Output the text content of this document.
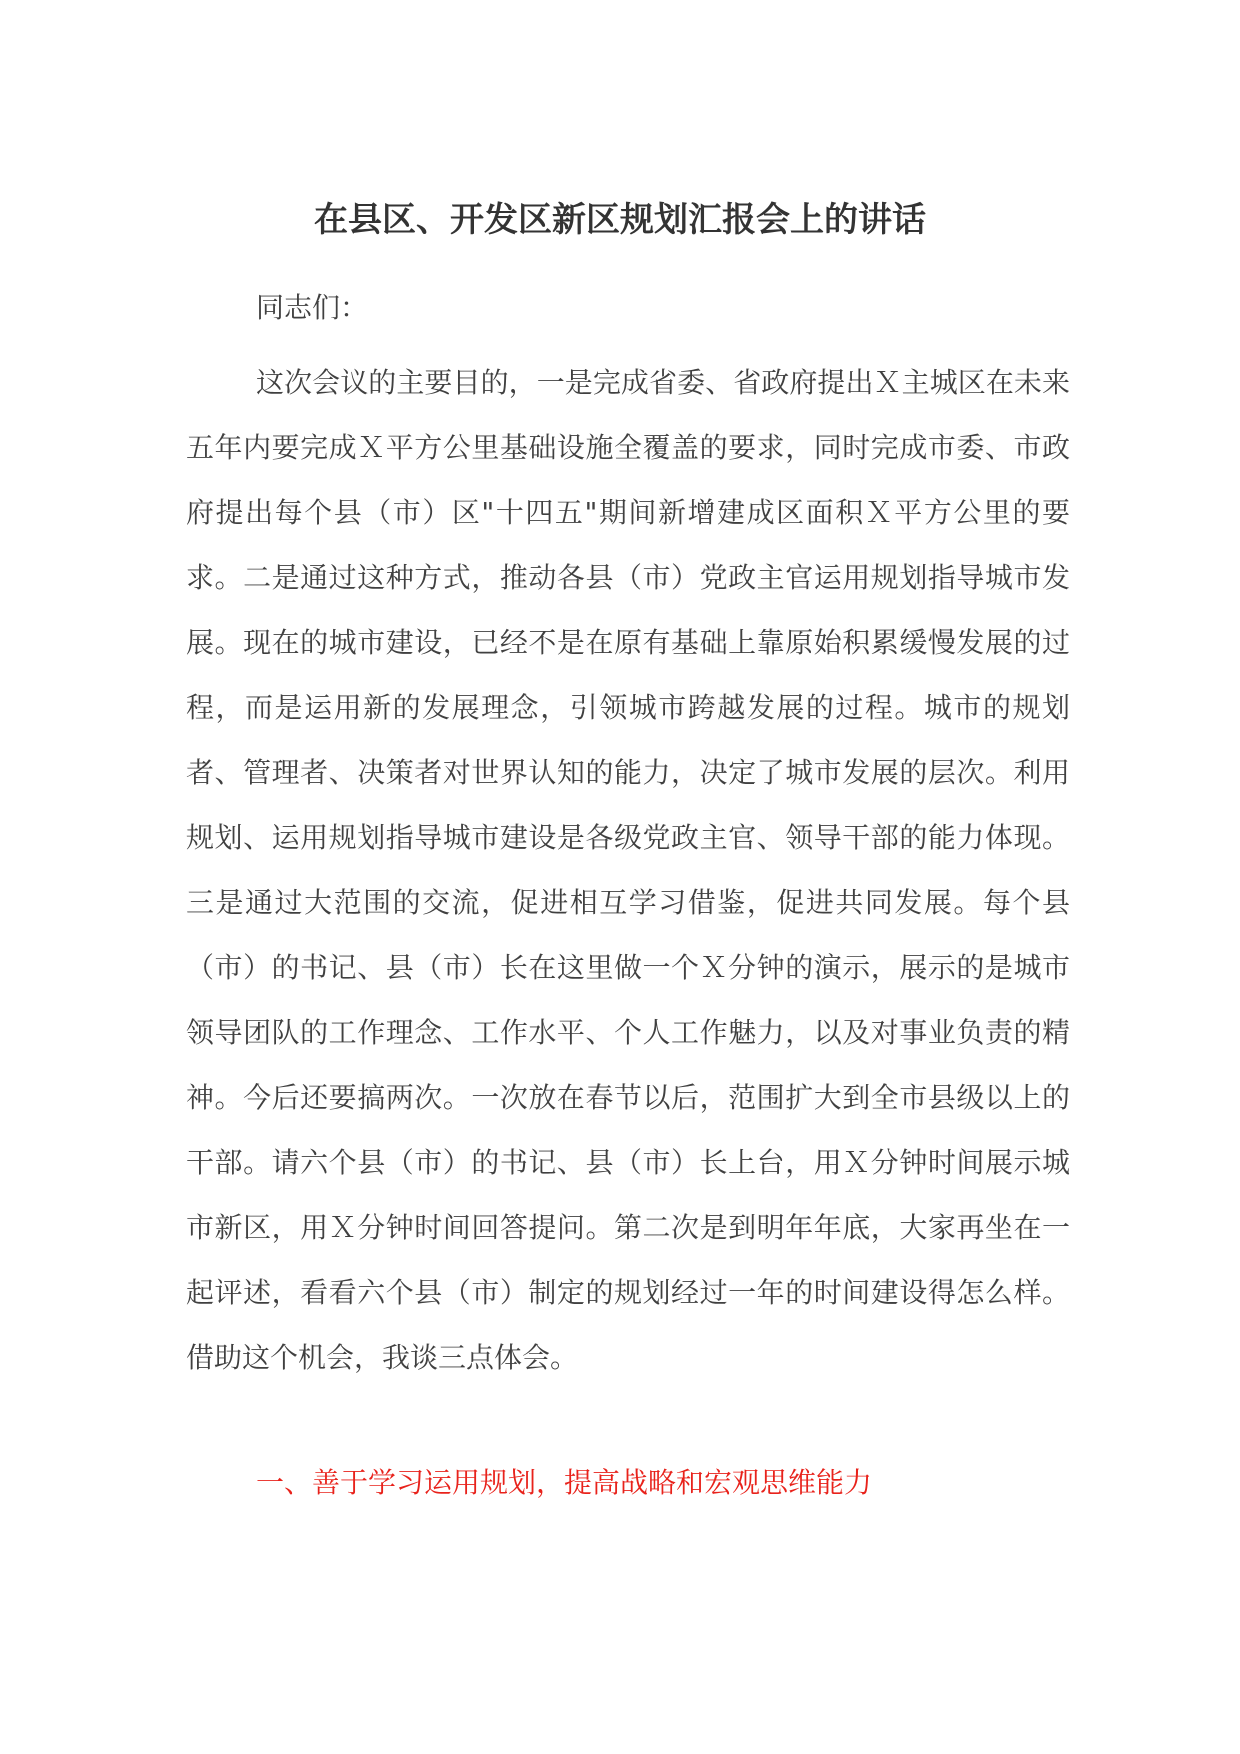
在县区、开发区新区规划汇报会上的讲话

同志们：

这次会议的主要目的，一是完成省委、省政府提出Ｘ主城区在未来五年内要完成Ｘ平方公里基础设施全覆盖的要求，同时完成市委、市政府提出每个县（市）区"十四五"期间新增建成区面积Ｘ平方公里的要求。二是通过这种方式，推动各县（市）党政主官运用规划指导城市发展。现在的城市建设，已经不是在原有基础上靠原始积累缓慢发展的过程，而是运用新的发展理念，引领城市跨越发展的过程。城市的规划者、管理者、决策者对世界认知的能力，决定了城市发展的层次。利用规划、运用规划指导城市建设是各级党政主官、领导干部的能力体现。三是通过大范围的交流，促进相互学习借鉴，促进共同发展。每个县（市）的书记、县（市）长在这里做一个Ｘ分钟的演示，展示的是城市领导团队的工作理念、工作水平、个人工作魅力，以及对事业负责的精神。今后还要搞两次。一次放在春节以后，范围扩大到全市县级以上的干部。请六个县（市）的书记、县（市）长上台，用Ｘ分钟时间展示城市新区，用Ｘ分钟时间回答提问。第二次是到明年年底，大家再坐在一起评述，看看六个县（市）制定的规划经过一年的时间建设得怎么样。借助这个机会，我谈三点体会。

一、善于学习运用规划，提高战略和宏观思维能力
